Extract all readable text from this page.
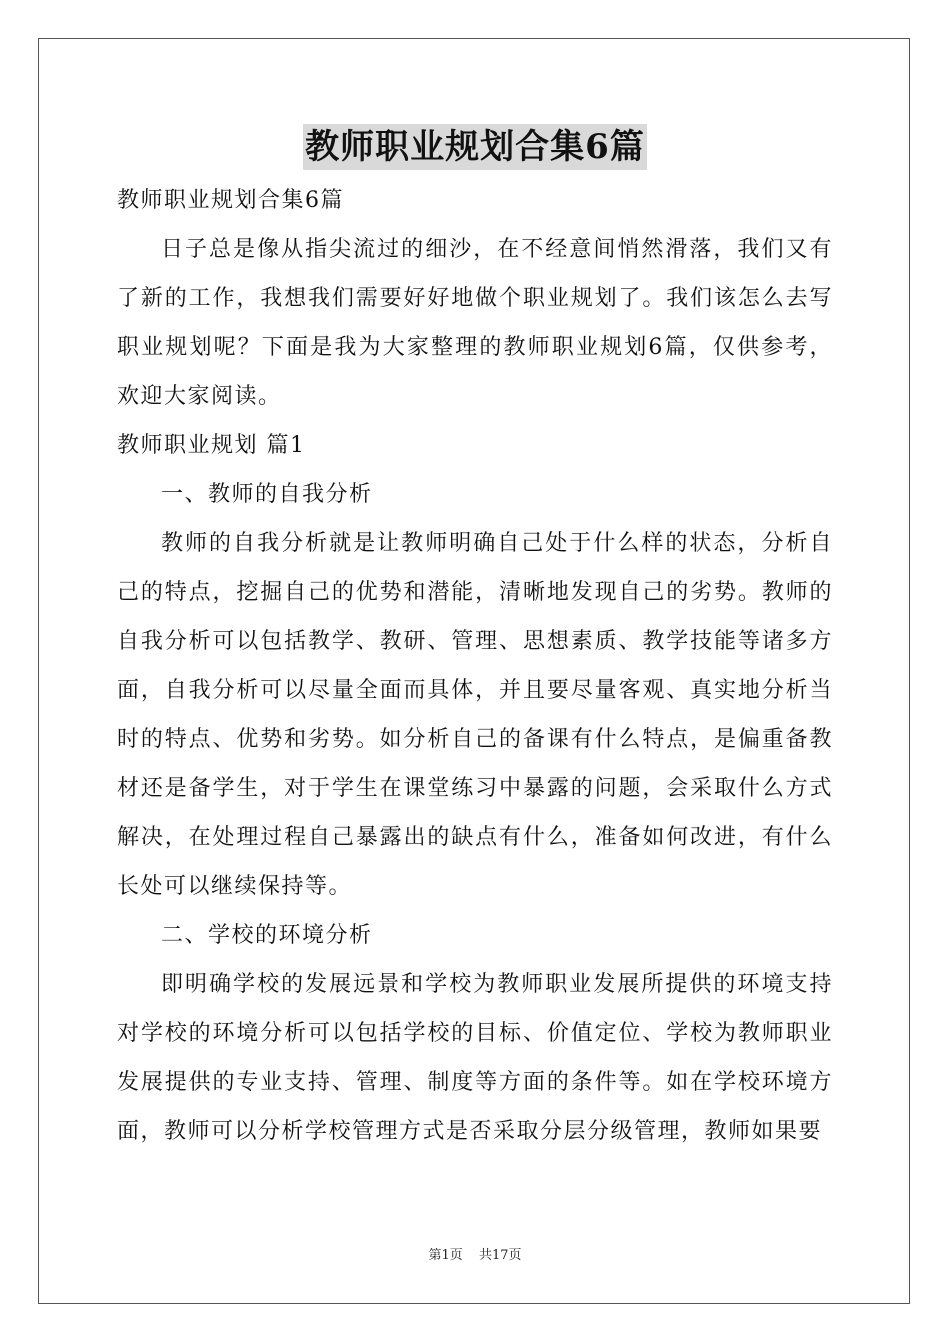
教师职业规划合集6篇

教师职业规划合集6篇

日子总是像从指尖流过的细沙，在不经意间悄然滑落，我们又有了新的工作，我想我们需要好好地做个职业规划了。我们该怎么去写职业规划呢？下面是我为大家整理的教师职业规划6篇，仅供参考，欢迎大家阅读。

教师职业规划 篇1

一、教师的自我分析

教师的自我分析就是让教师明确自己处于什么样的状态，分析自己的特点，挖掘自己的优势和潜能，清晰地发现自己的劣势。教师的自我分析可以包括教学、教研、管理、思想素质、教学技能等诸多方面，自我分析可以尽量全面而具体，并且要尽量客观、真实地分析当时的特点、优势和劣势。如分析自己的备课有什么特点，是偏重备教材还是备学生，对于学生在课堂练习中暴露的问题，会采取什么方式解决，在处理过程自己暴露出的缺点有什么，准备如何改进，有什么长处可以继续保持等。

二、学校的环境分析

即明确学校的发展远景和学校为教师职业发展所提供的环境支持对学校的环境分析可以包括学校的目标、价值定位、学校为教师职业发展提供的专业支持、管理、制度等方面的条件等。如在学校环境方面，教师可以分析学校管理方式是否采取分层分级管理，教师如果要

第1页 共17页
